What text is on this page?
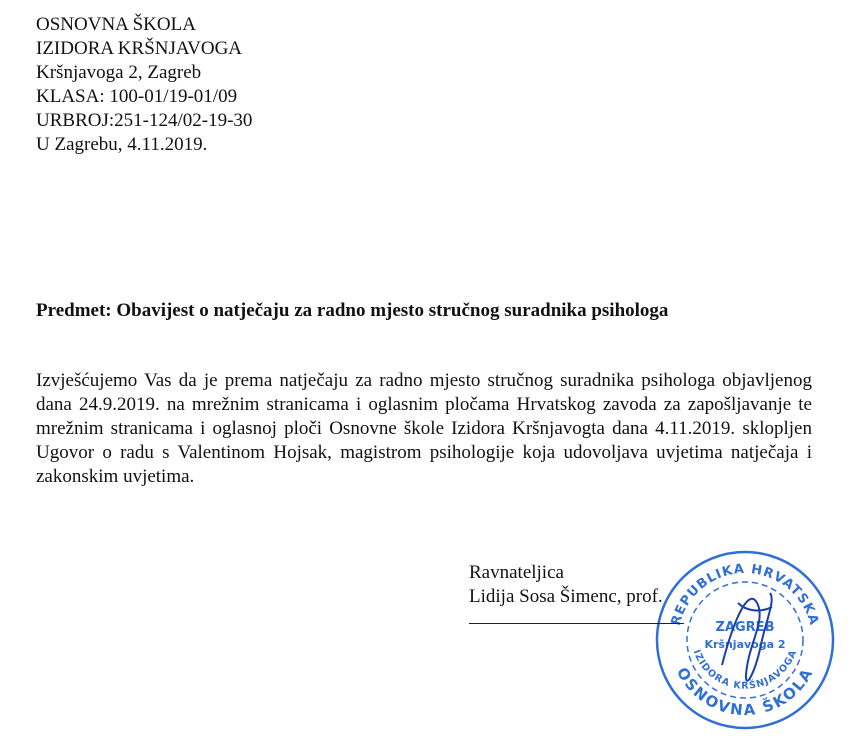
OSNOVNA ŠKOLA
IZIDORA KRŠNJAVOGA
Kršnjavoga 2, Zagreb
KLASA: 100-01/19-01/09
URBROJ:251-124/02-19-30
U Zagrebu, 4.11.2019.
Predmet: Obavijest o natječaju za radno mjesto stručnog suradnika psihologa
Izvješćujemo Vas da je prema natječaju za radno mjesto stručnog suradnika psihologa objavljenog dana 24.9.2019. na mrežnim stranicama i oglasnim pločama Hrvatskog zavoda za zapošljavanje te mrežnim stranicama i oglasnoj ploči Osnovne škole Izidora Kršnjavogta dana 4.11.2019. sklopljen Ugovor o radu s Valentinom Hojsak, magistrom psihologije koja udovoljava uvjetima natječaja i zakonskim uvjetima.
REPUBLIKA HRVATSKA
OSNOVNA ŠKOLA
IZIDORA KRŠNJAVOGA
ZAGREB
Kršnjavoga 2
Ravnateljica
Lidija Sosa Šimenc, prof.
